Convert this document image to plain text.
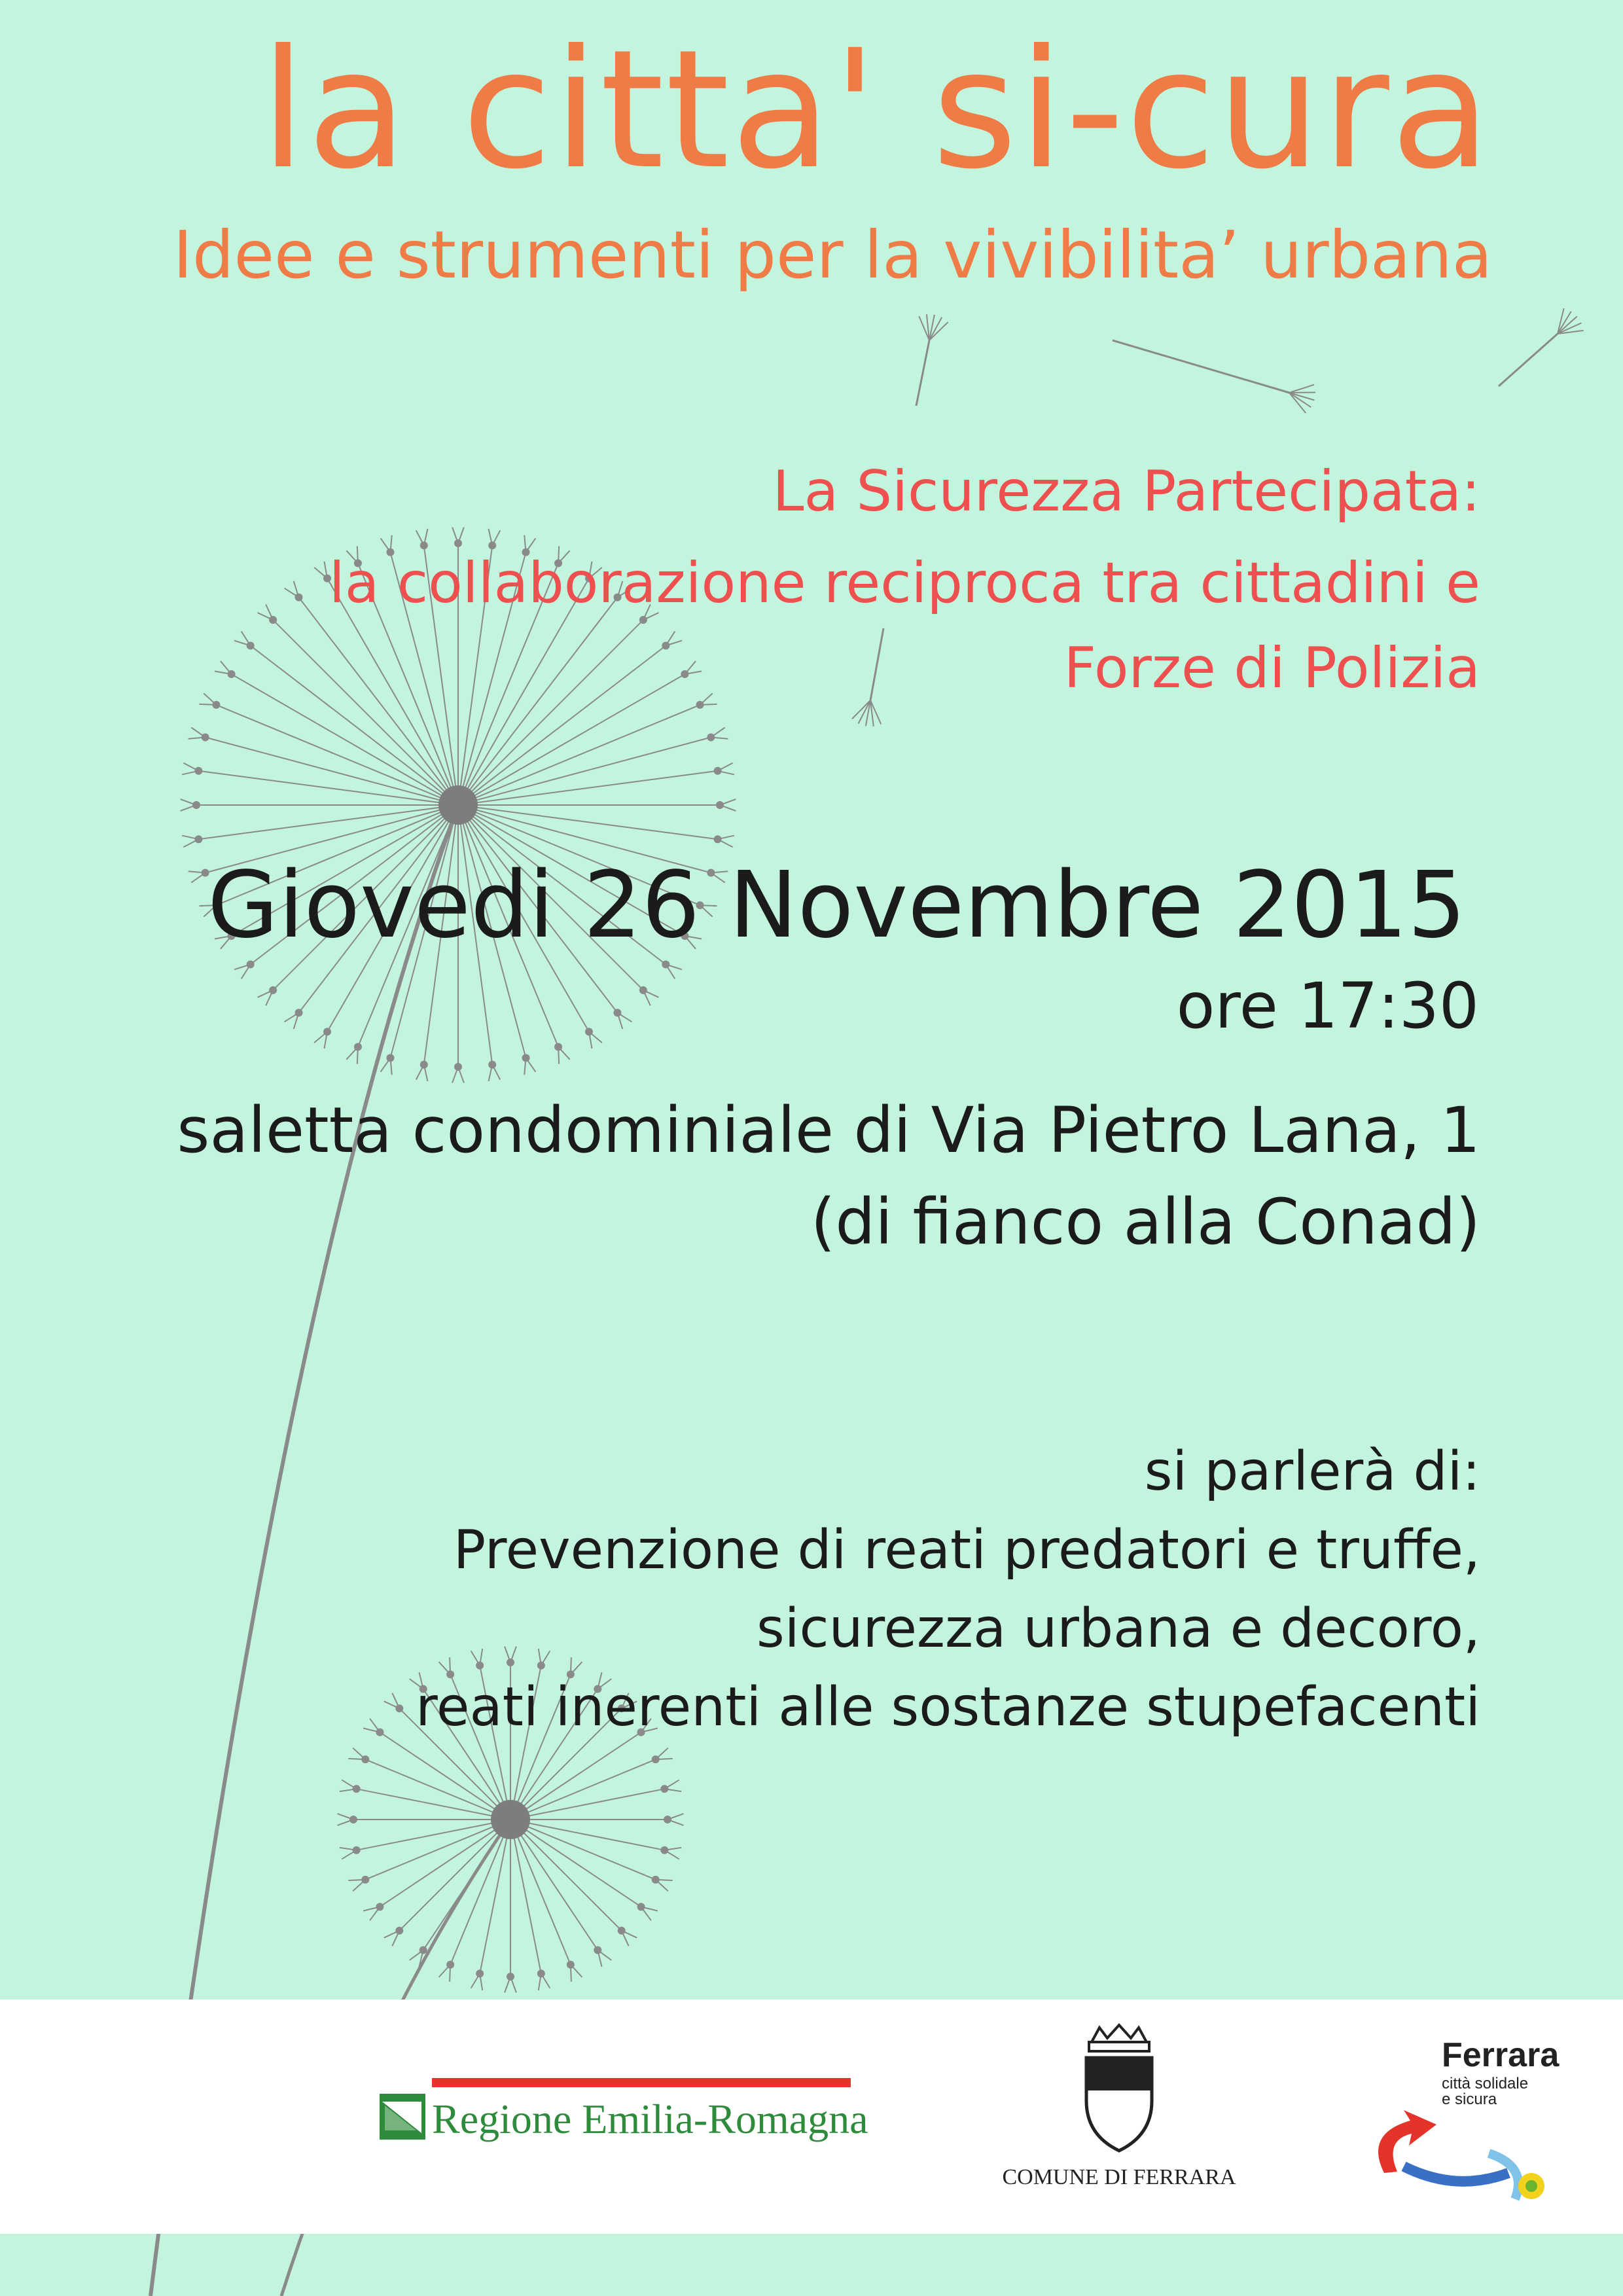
la citta' si-cura
Idee e strumenti per la vivibilita’ urbana
La Sicurezza Partecipata:
la collaborazione reciproca tra cittadini e
Forze di Polizia
Giovedi 26 Novembre 2015
ore 17:30
saletta condominiale di Via Pietro Lana, 1
(di fianco alla Conad)
si parlerà di:
Prevenzione di reati predatori e truffe,
sicurezza urbana e decoro,
reati inerenti alle sostanze stupefacenti
Regione Emilia-Romagna
COMUNE DI FERRARA
Ferrara
città solidale
e sicura
